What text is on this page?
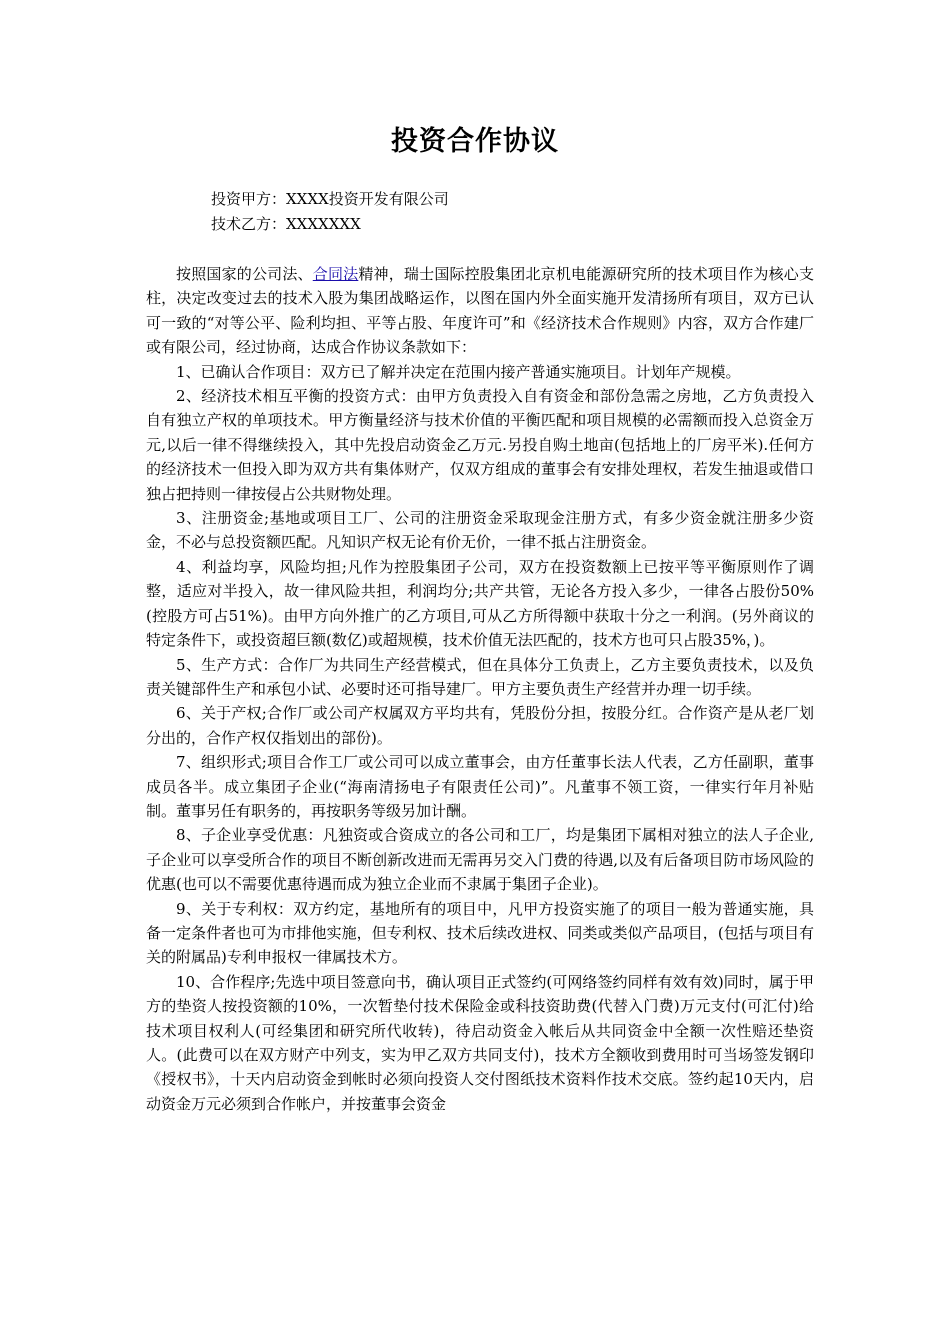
投资合作协议
投资甲方：XXXX投资开发有限公司
技术乙方：XXXXXXX

按照国家的公司法、合同法精神，瑞士国际控股集团北京机电能源研究所的技术项目作为核心支柱，决定改变过去的技术入股为集团战略运作，以图在国内外全面实施开发清扬所有项目，双方已认可一致的“对等公平、险利均担、平等占股、年度许可”和《经济技术合作规则》内容，双方合作建厂或有限公司，经过协商，达成合作协议条款如下：

1、已确认合作项目：双方已了解并决定在范围内接产普通实施项目。计划年产规模。

2、经济技术相互平衡的投资方式：由甲方负责投入自有资金和部份急需之房地，乙方负责投入自有独立产权的单项技术。甲方衡量经济与技术价值的平衡匹配和项目规模的必需额而投入总资金万元,以后一律不得继续投入，其中先投启动资金乙万元.另投自购土地亩(包括地上的厂房平米).任何方的经济技术一但投入即为双方共有集体财产，仅双方组成的董事会有安排处理权，若发生抽退或借口独占把持则一律按侵占公共财物处理。

3、注册资金;基地或项目工厂、公司的注册资金采取现金注册方式，有多少资金就注册多少资金，不必与总投资额匹配。凡知识产权无论有价无价，一律不抵占注册资金。

4、利益均享，风险均担;凡作为控股集团子公司，双方在投资数额上已按平等平衡原则作了调整，适应对半投入，故一律风险共担，利润均分;共产共管，无论各方投入多少，一律各占股份50%(控股方可占51%)。由甲方向外推广的乙方项目,可从乙方所得额中获取十分之一利润。(另外商议的特定条件下，或投资超巨额(数亿)或超规模，技术价值无法匹配的，技术方也可只占股35%，)。

5、生产方式：合作厂为共同生产经营模式，但在具体分工负责上，乙方主要负责技术，以及负责关键部件生产和承包小试、必要时还可指导建厂。甲方主要负责生产经营并办理一切手续。

6、关于产权;合作厂或公司产权属双方平均共有，凭股份分担，按股分红。合作资产是从老厂划分出的，合作产权仅指划出的部份)。

7、组织形式;项目合作工厂或公司可以成立董事会，由方任董事长法人代表，乙方任副职，董事成员各半。成立集团子企业(“海南清扬电子有限责任公司)”。凡董事不领工资，一律实行年月补贴制。董事另任有职务的，再按职务等级另加计酬。

8、子企业享受优惠：凡独资或合资成立的各公司和工厂，均是集团下属相对独立的法人子企业,子企业可以享受所合作的项目不断创新改进而无需再另交入门费的待遇,以及有后备项目防市场风险的优惠(也可以不需要优惠待遇而成为独立企业而不隶属于集团子企业)。

9、关于专利权：双方约定，基地所有的项目中，凡甲方投资实施了的项目一般为普通实施，具备一定条件者也可为市排他实施，但专利权、技术后续改进权、同类或类似产品项目，(包括与项目有关的附属品)专利申报权一律属技术方。

10、合作程序;先选中项目签意向书，确认项目正式签约(可网络签约同样有效有效)同时，属于甲方的垫资人按投资额的10%，一次暂垫付技术保险金或科技资助费(代替入门费)万元支付(可汇付)给技术项目权利人(可经集团和研究所代收转)，待启动资金入帐后从共同资金中全额一次性赔还垫资人。(此费可以在双方财产中列支，实为甲乙双方共同支付)，技术方全额收到费用时可当场签发钢印《授权书》，十天内启动资金到帐时必须向投资人交付图纸技术资料作技术交底。签约起10天内，启动资金万元必须到合作帐户，并按董事会资金
